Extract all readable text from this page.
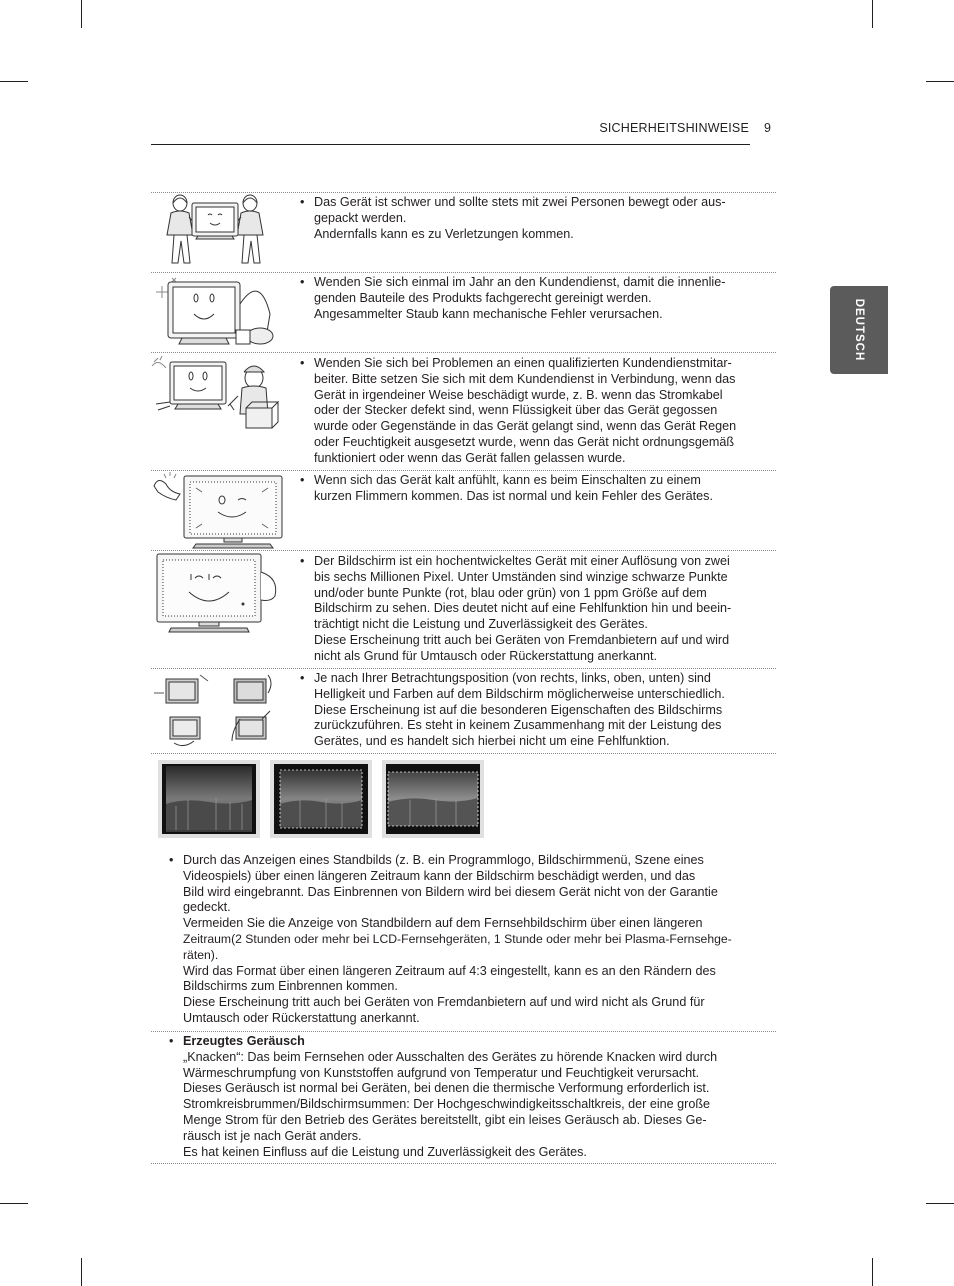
SICHERHEITSHINWEISE 9
DEUTSCH
• Das Gerät ist schwer und sollte stets mit zwei Personen bewegt oder aus-
gepackt werden.
Andernfalls kann es zu Verletzungen kommen.
• Wenden Sie sich einmal im Jahr an den Kundendienst, damit die innenlie-
genden Bauteile des Produkts fachgerecht gereinigt werden.
Angesammelter Staub kann mechanische Fehler verursachen.
• Wenden Sie sich bei Problemen an einen qualifizierten Kundendienstmitar-
beiter. Bitte setzen Sie sich mit dem Kundendienst in Verbindung, wenn das
Gerät in irgendeiner Weise beschädigt wurde, z. B. wenn das Stromkabel
oder der Stecker defekt sind, wenn Flüssigkeit über das Gerät gegossen
wurde oder Gegenstände in das Gerät gelangt sind, wenn das Gerät Regen
oder Feuchtigkeit ausgesetzt wurde, wenn das Gerät nicht ordnungsgemäß
funktioniert oder wenn das Gerät fallen gelassen wurde.
• Wenn sich das Gerät kalt anfühlt, kann es beim Einschalten zu einem
kurzen Flimmern kommen. Das ist normal und kein Fehler des Gerätes.
• Der Bildschirm ist ein hochentwickeltes Gerät mit einer Auflösung von zwei
bis sechs Millionen Pixel. Unter Umständen sind winzige schwarze Punkte
und/oder bunte Punkte (rot, blau oder grün) von 1 ppm Größe auf dem
Bildschirm zu sehen. Dies deutet nicht auf eine Fehlfunktion hin und beein-
trächtigt nicht die Leistung und Zuverlässigkeit des Gerätes.
Diese Erscheinung tritt auch bei Geräten von Fremdanbietern auf und wird
nicht als Grund für Umtausch oder Rückerstattung anerkannt.
• Je nach Ihrer Betrachtungsposition (von rechts, links, oben, unten) sind
Helligkeit und Farben auf dem Bildschirm möglicherweise unterschiedlich.
Diese Erscheinung ist auf die besonderen Eigenschaften des Bildschirms
zurückzuführen. Es steht in keinem Zusammenhang mit der Leistung des
Gerätes, und es handelt sich hierbei nicht um eine Fehlfunktion.
• Durch das Anzeigen eines Standbilds (z. B. ein Programmlogo, Bildschirmmenü, Szene eines
Videospiels) über einen längeren Zeitraum kann der Bildschirm beschädigt werden, und das
Bild wird eingebrannt. Das Einbrennen von Bildern wird bei diesem Gerät nicht von der Garantie
gedeckt.
Vermeiden Sie die Anzeige von Standbildern auf dem Fernsehbildschirm über einen längeren
Zeitraum(2 Stunden oder mehr bei LCD-Fernsehgeräten, 1 Stunde oder mehr bei Plasma-Fernsehge-
räten).
Wird das Format über einen längeren Zeitraum auf 4:3 eingestellt, kann es an den Rändern des
Bildschirms zum Einbrennen kommen.
Diese Erscheinung tritt auch bei Geräten von Fremdanbietern auf und wird nicht als Grund für
Umtausch oder Rückerstattung anerkannt.
• Erzeugtes Geräusch
„Knacken“: Das beim Fernsehen oder Ausschalten des Gerätes zu hörende Knacken wird durch
Wärmeschrumpfung von Kunststoffen aufgrund von Temperatur und Feuchtigkeit verursacht.
Dieses Geräusch ist normal bei Geräten, bei denen die thermische Verformung erforderlich ist.
Stromkreisbrummen/Bildschirmsummen: Der Hochgeschwindigkeitsschaltkreis, der eine große
Menge Strom für den Betrieb des Gerätes bereitstellt, gibt ein leises Geräusch ab. Dieses Ge-
räusch ist je nach Gerät anders.
Es hat keinen Einfluss auf die Leistung und Zuverlässigkeit des Gerätes.
